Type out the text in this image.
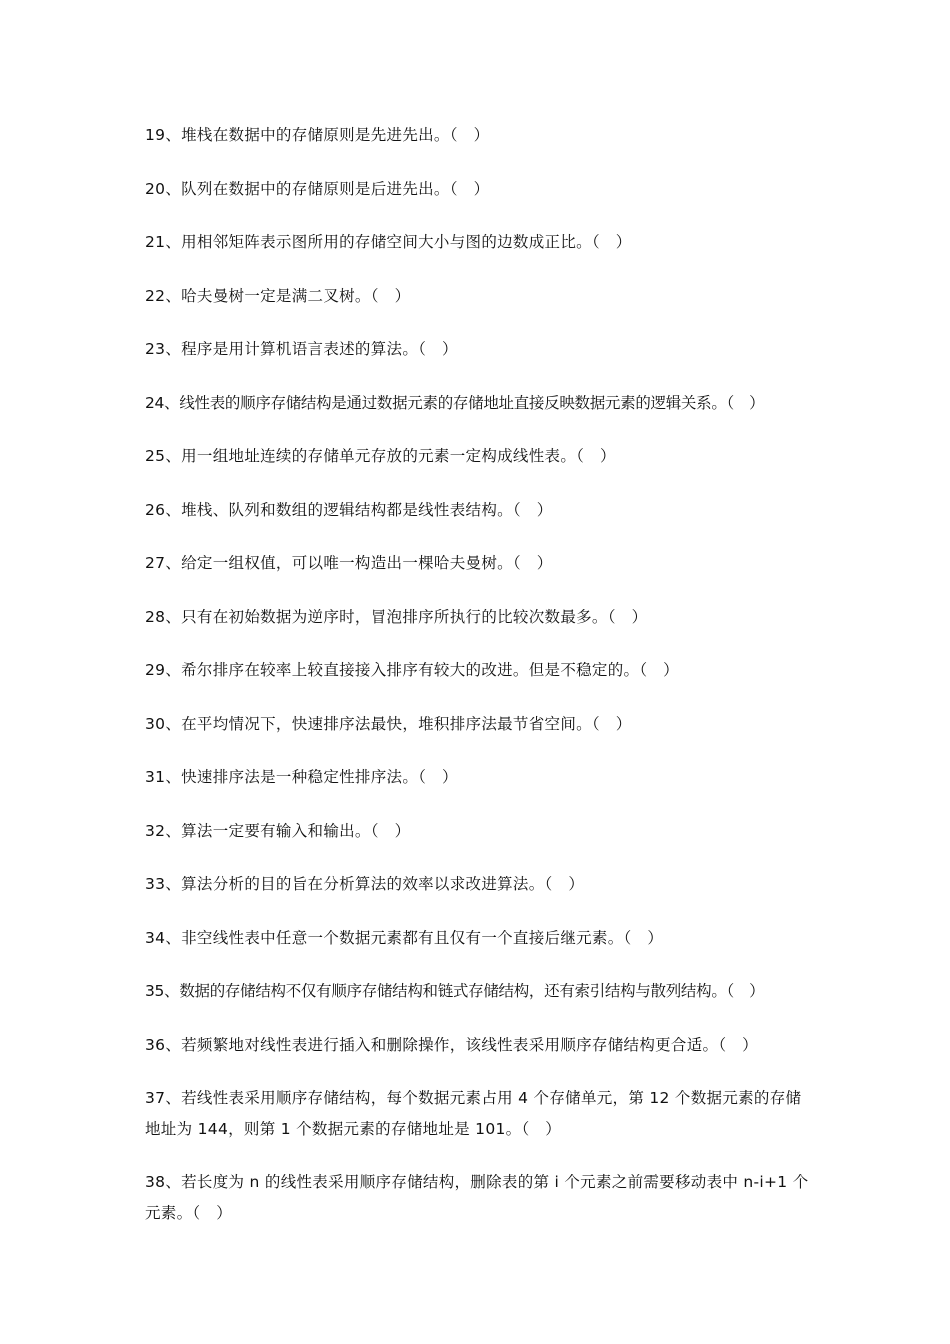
19、堆栈在数据中的存储原则是先进先出。（　）

20、队列在数据中的存储原则是后进先出。（　）

21、用相邻矩阵表示图所用的存储空间大小与图的边数成正比。（　）

22、哈夫曼树一定是满二叉树。（　）

23、程序是用计算机语言表述的算法。（　）

24、线性表的顺序存储结构是通过数据元素的存储地址直接反映数据元素的逻辑关系。（　）

25、用一组地址连续的存储单元存放的元素一定构成线性表。（　）

26、堆栈、队列和数组的逻辑结构都是线性表结构。（　）

27、给定一组权值，可以唯一构造出一棵哈夫曼树。（　）

28、只有在初始数据为逆序时，冒泡排序所执行的比较次数最多。（　）

29、希尔排序在较率上较直接接入排序有较大的改进。但是不稳定的。（　）

30、在平均情况下，快速排序法最快，堆积排序法最节省空间。（　）

31、快速排序法是一种稳定性排序法。（　）

32、算法一定要有输入和输出。（　）

33、算法分析的目的旨在分析算法的效率以求改进算法。（　）

34、非空线性表中任意一个数据元素都有且仅有一个直接后继元素。（　）

35、数据的存储结构不仅有顺序存储结构和链式存储结构，还有索引结构与散列结构。（　）

36、若频繁地对线性表进行插入和删除操作，该线性表采用顺序存储结构更合适。（　）

37、若线性表采用顺序存储结构，每个数据元素占用 4 个存储单元，第 12 个数据元素的存储地址为 144，则第 1 个数据元素的存储地址是 101。（　）

38、若长度为 n 的线性表采用顺序存储结构，删除表的第 i 个元素之前需要移动表中 n-i+1 个元素。（　）
